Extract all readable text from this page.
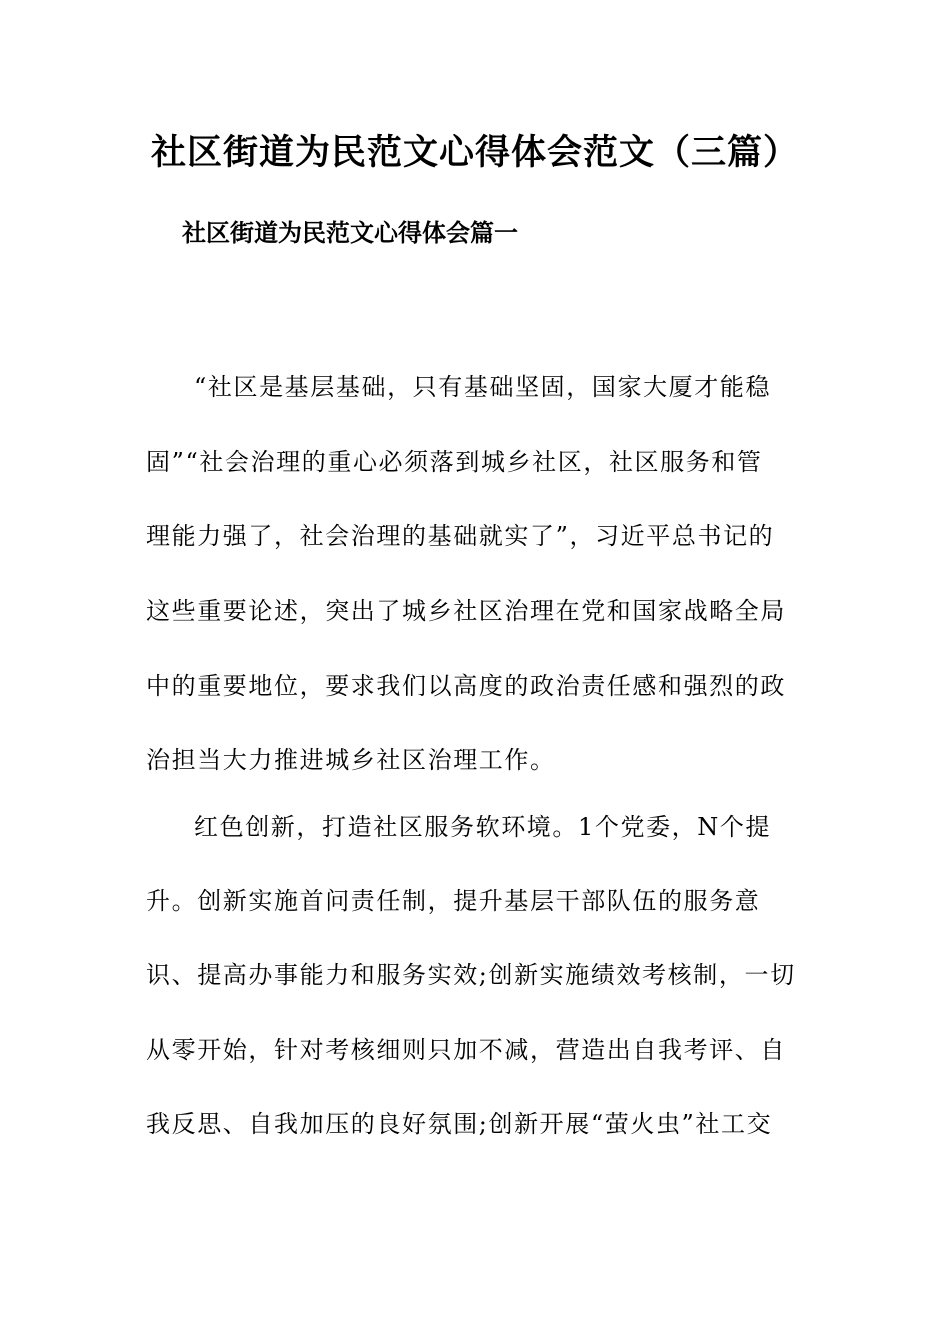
社区街道为民范文心得体会范文（三篇）
社区街道为民范文心得体会篇一
“社区是基层基础，只有基础坚固，国家大厦才能稳
固”“社会治理的重心必须落到城乡社区，社区服务和管
理能力强了，社会治理的基础就实了”，习近平总书记的
这些重要论述，突出了城乡社区治理在党和国家战略全局
中的重要地位，要求我们以高度的政治责任感和强烈的政
治担当大力推进城乡社区治理工作。
红色创新，打造社区服务软环境。1个党委，N个提
升。创新实施首问责任制，提升基层干部队伍的服务意
识、提高办事能力和服务实效;创新实施绩效考核制，一切
从零开始，针对考核细则只加不减，营造出自我考评、自
我反思、自我加压的良好氛围;创新开展“萤火虫”社工交
